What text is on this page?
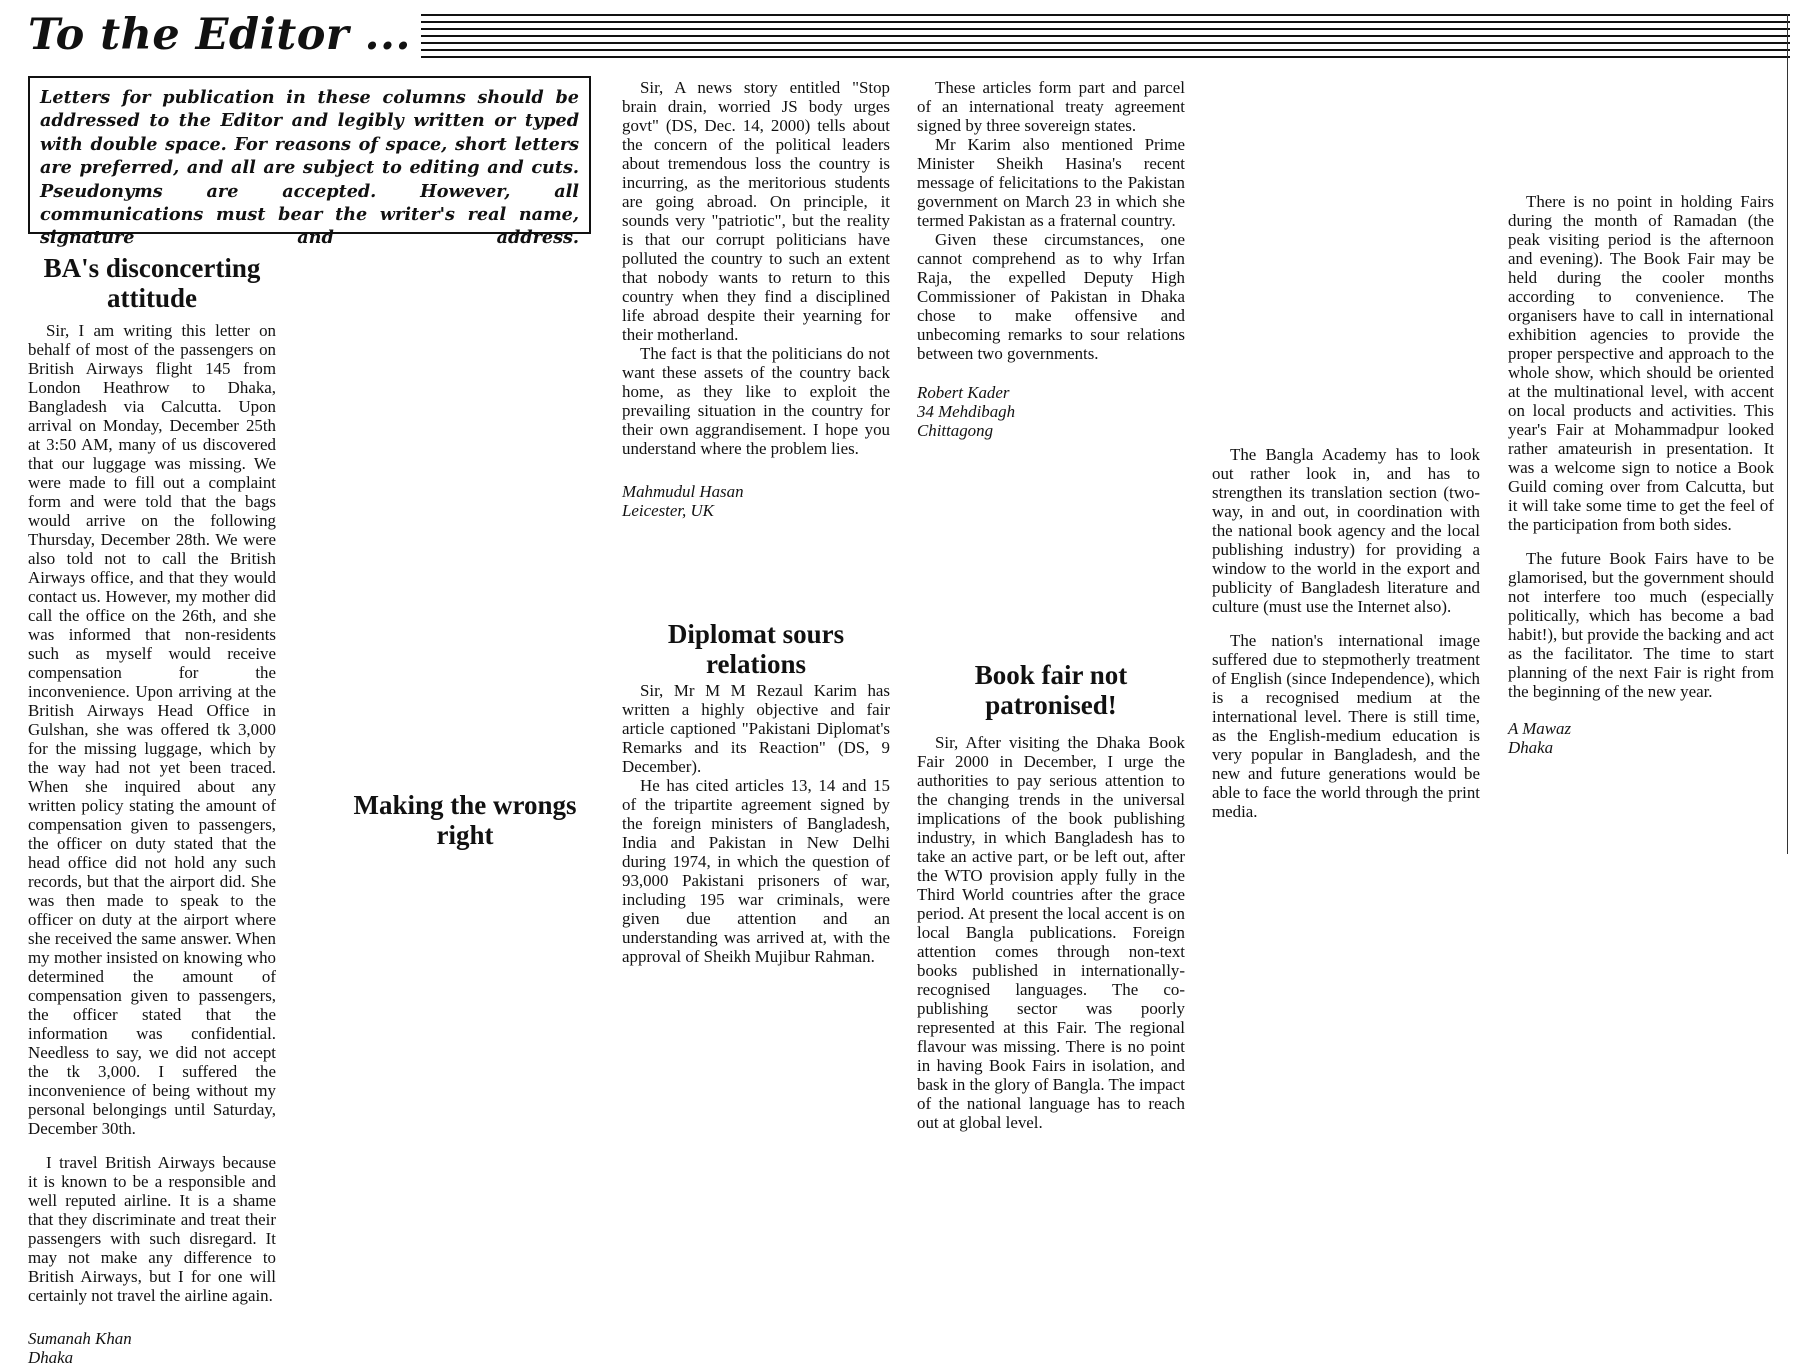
To the Editor ...
Letters for publication in these columns should be addressed to the Editor and legibly written or typed with double space. For reasons of space, short letters are preferred, and all are subject to editing and cuts. Pseudonyms are accepted. However, all communications must bear the writer's real name, signature and address.
BA's disconcerting attitude

Sir, I am writing this letter on behalf of most of the passengers on British Airways flight 145 from London Heathrow to Dhaka, Bangladesh via Calcutta. Upon arrival on Monday, December 25th at 3:50 AM, many of us discovered that our luggage was missing. We were made to fill out a complaint form and were told that the bags would arrive on the following Thursday, December 28th. We were also told not to call the British Airways office, and that they would contact us. However, my mother did call the office on the 26th, and she was informed that non-residents such as myself would receive compensation for the inconvenience. Upon arriving at the British Airways Head Office in Gulshan, she was offered tk 3,000 for the missing luggage, which by the way had not yet been traced. When she inquired about any written policy stating the amount of compensation given to passengers, the officer on duty stated that the head office did not hold any such records, but that the airport did. She was then made to speak to the officer on duty at the airport where she received the same answer. When my mother insisted on knowing who determined the amount of compensation given to passengers, the officer stated that the information was confidential. Needless to say, we did not accept the tk 3,000. I suffered the inconvenience of being without my personal belongings until Saturday, December 30th.

I travel British Airways because it is known to be a responsible and well reputed airline. It is a shame that they discriminate and treat their passengers with such disregard. It may not make any difference to British Airways, but I for one will certainly not travel the airline again.

Sumanah Khan
Dhaka

Making the wrongs right

Sir, A news story entitled "Stop brain drain, worried JS body urges govt" (DS, Dec. 14, 2000) tells about the concern of the political leaders about tremendous loss the country is incurring, as the meritorious students are going abroad. On principle, it sounds very "patriotic", but the reality is that our corrupt politicians have polluted the country to such an extent that nobody wants to return to this country when they find a disciplined life abroad despite their yearning for their motherland.

The fact is that the politicians do not want these assets of the country back home, as they like to exploit the prevailing situation in the country for their own aggrandisement. I hope you understand where the problem lies.

Mahmudul Hasan
Leicester, UK

Diplomat sours relations

Sir, Mr M M Rezaul Karim has written a highly objective and fair article captioned "Pakistani Diplomat's Remarks and its Reaction" (DS, 9 December).

He has cited articles 13, 14 and 15 of the tripartite agreement signed by the foreign ministers of Bangladesh, India and Pakistan in New Delhi during 1974, in which the question of 93,000 Pakistani prisoners of war, including 195 war criminals, were given due attention and an understanding was arrived at, with the approval of Sheikh Mujibur Rahman.

These articles form part and parcel of an international treaty agreement signed by three sovereign states.

Mr Karim also mentioned Prime Minister Sheikh Hasina's recent message of felicitations to the Pakistan government on March 23 in which she termed Pakistan as a fraternal country.

Given these circumstances, one cannot comprehend as to why Irfan Raja, the expelled Deputy High Commissioner of Pakistan in Dhaka chose to make offensive and unbecoming remarks to sour relations between two governments.

Robert Kader
34 Mehdibagh
Chittagong

Book fair not patronised!

Sir, After visiting the Dhaka Book Fair 2000 in December, I urge the authorities to pay serious attention to the changing trends in the universal implications of the book publishing industry, in which Bangladesh has to take an active part, or be left out, after the WTO provision apply fully in the Third World countries after the grace period. At present the local accent is on local Bangla publications. Foreign attention comes through non-text books published in internationally-recognised languages. The co-publishing sector was poorly represented at this Fair. The regional flavour was missing. There is no point in having Book Fairs in isolation, and bask in the glory of Bangla. The impact of the national language has to reach out at global level.

The Bangla Academy has to look out rather look in, and has to strengthen its translation section (two-way, in and out, in coordination with the national book agency and the local publishing industry) for providing a window to the world in the export and publicity of Bangladesh literature and culture (must use the Internet also).

The nation's international image suffered due to stepmotherly treatment of English (since Independence), which is a recognised medium at the international level. There is still time, as the English-medium education is very popular in Bangladesh, and the new and future generations would be able to face the world through the print media.

There is no point in holding Fairs during the month of Ramadan (the peak visiting period is the afternoon and evening). The Book Fair may be held during the cooler months according to convenience. The organisers have to call in international exhibition agencies to provide the proper perspective and approach to the whole show, which should be oriented at the multinational level, with accent on local products and activities. This year's Fair at Mohammadpur looked rather amateurish in presentation. It was a welcome sign to notice a Book Guild coming over from Calcutta, but it will take some time to get the feel of the participation from both sides.

The future Book Fairs have to be glamorised, but the government should not interfere too much (especially politically, which has become a bad habit!), but provide the backing and act as the facilitator. The time to start planning of the next Fair is right from the beginning of the new year.

A Mawaz
Dhaka
